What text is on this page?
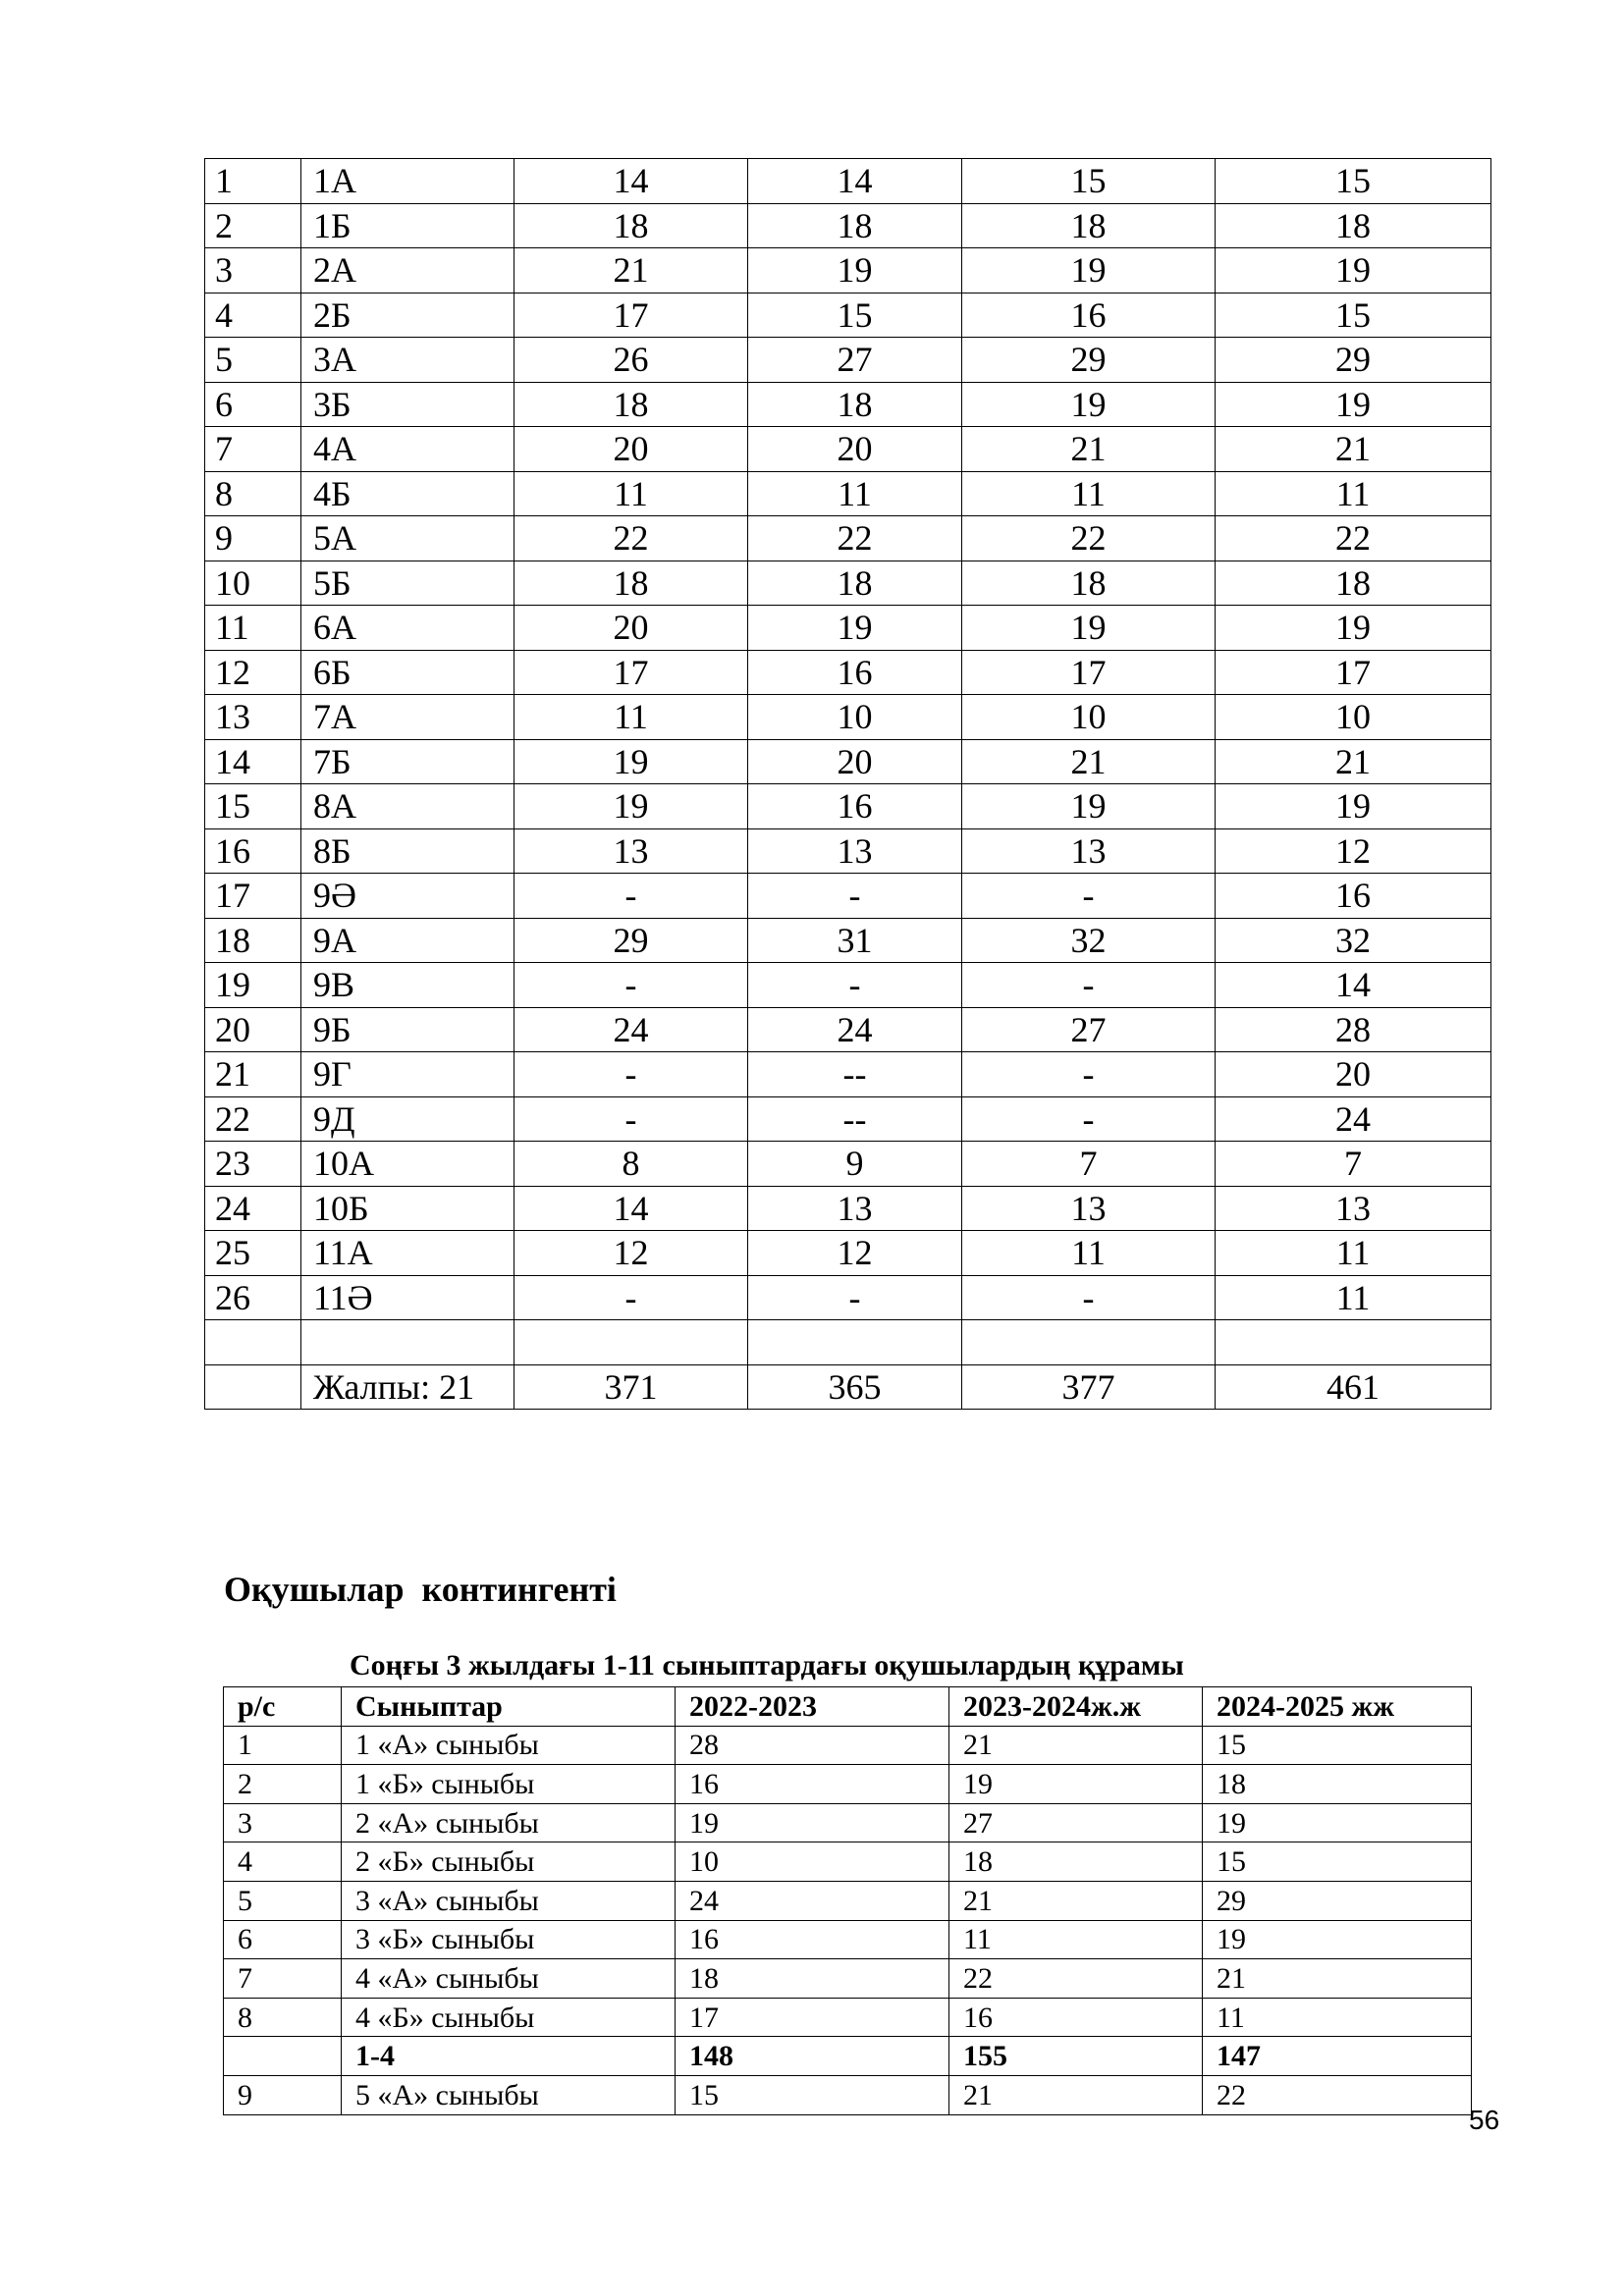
1	1А	14	14	15	15
2	1Б	18	18	18	18
3	2А	21	19	19	19
4	2Б	17	15	16	15
5	3А	26	27	29	29
6	3Б	18	18	19	19
7	4А	20	20	21	21
8	4Б	11	11	11	11
9	5А	22	22	22	22
10	5Б	18	18	18	18
11	6А	20	19	19	19
12	6Б	17	16	17	17
13	7А	11	10	10	10
14	7Б	19	20	21	21
15	8А	19	16	19	19
16	8Б	13	13	13	12
17	9Ә	-	-	-	16
18	9А	29	31	32	32
19	9В	-	-	-	14
20	9Б	24	24	27	28
21	9Г	-	--	-	20
22	9Д	-	--	-	24
23	10А	8	9	7	7
24	10Б	14	13	13	13
25	11А	12	12	11	11
26	11Ә	-	-	-	11

	Жалпы: 21	371	365	377	461
Оқушылар  контингенті
Соңғы 3 жылдағы 1-11 сыныптардағы оқушылардың құрамы
р/с	Сыныптар	2022-2023	2023-2024ж.ж	2024-2025 жж
1	1 «А» сыныбы	28	21	15
2	1 «Б» сыныбы	16	19	18
3	2 «А» сыныбы	19	27	19
4	2 «Б» сыныбы	10	18	15
5	3 «А» сыныбы	24	21	29
6	3 «Б» сыныбы	16	11	19
7	4 «А» сыныбы	18	22	21
8	4 «Б» сыныбы	17	16	11
	1-4	148	155	147
9	5 «А» сыныбы	15	21	22
56
